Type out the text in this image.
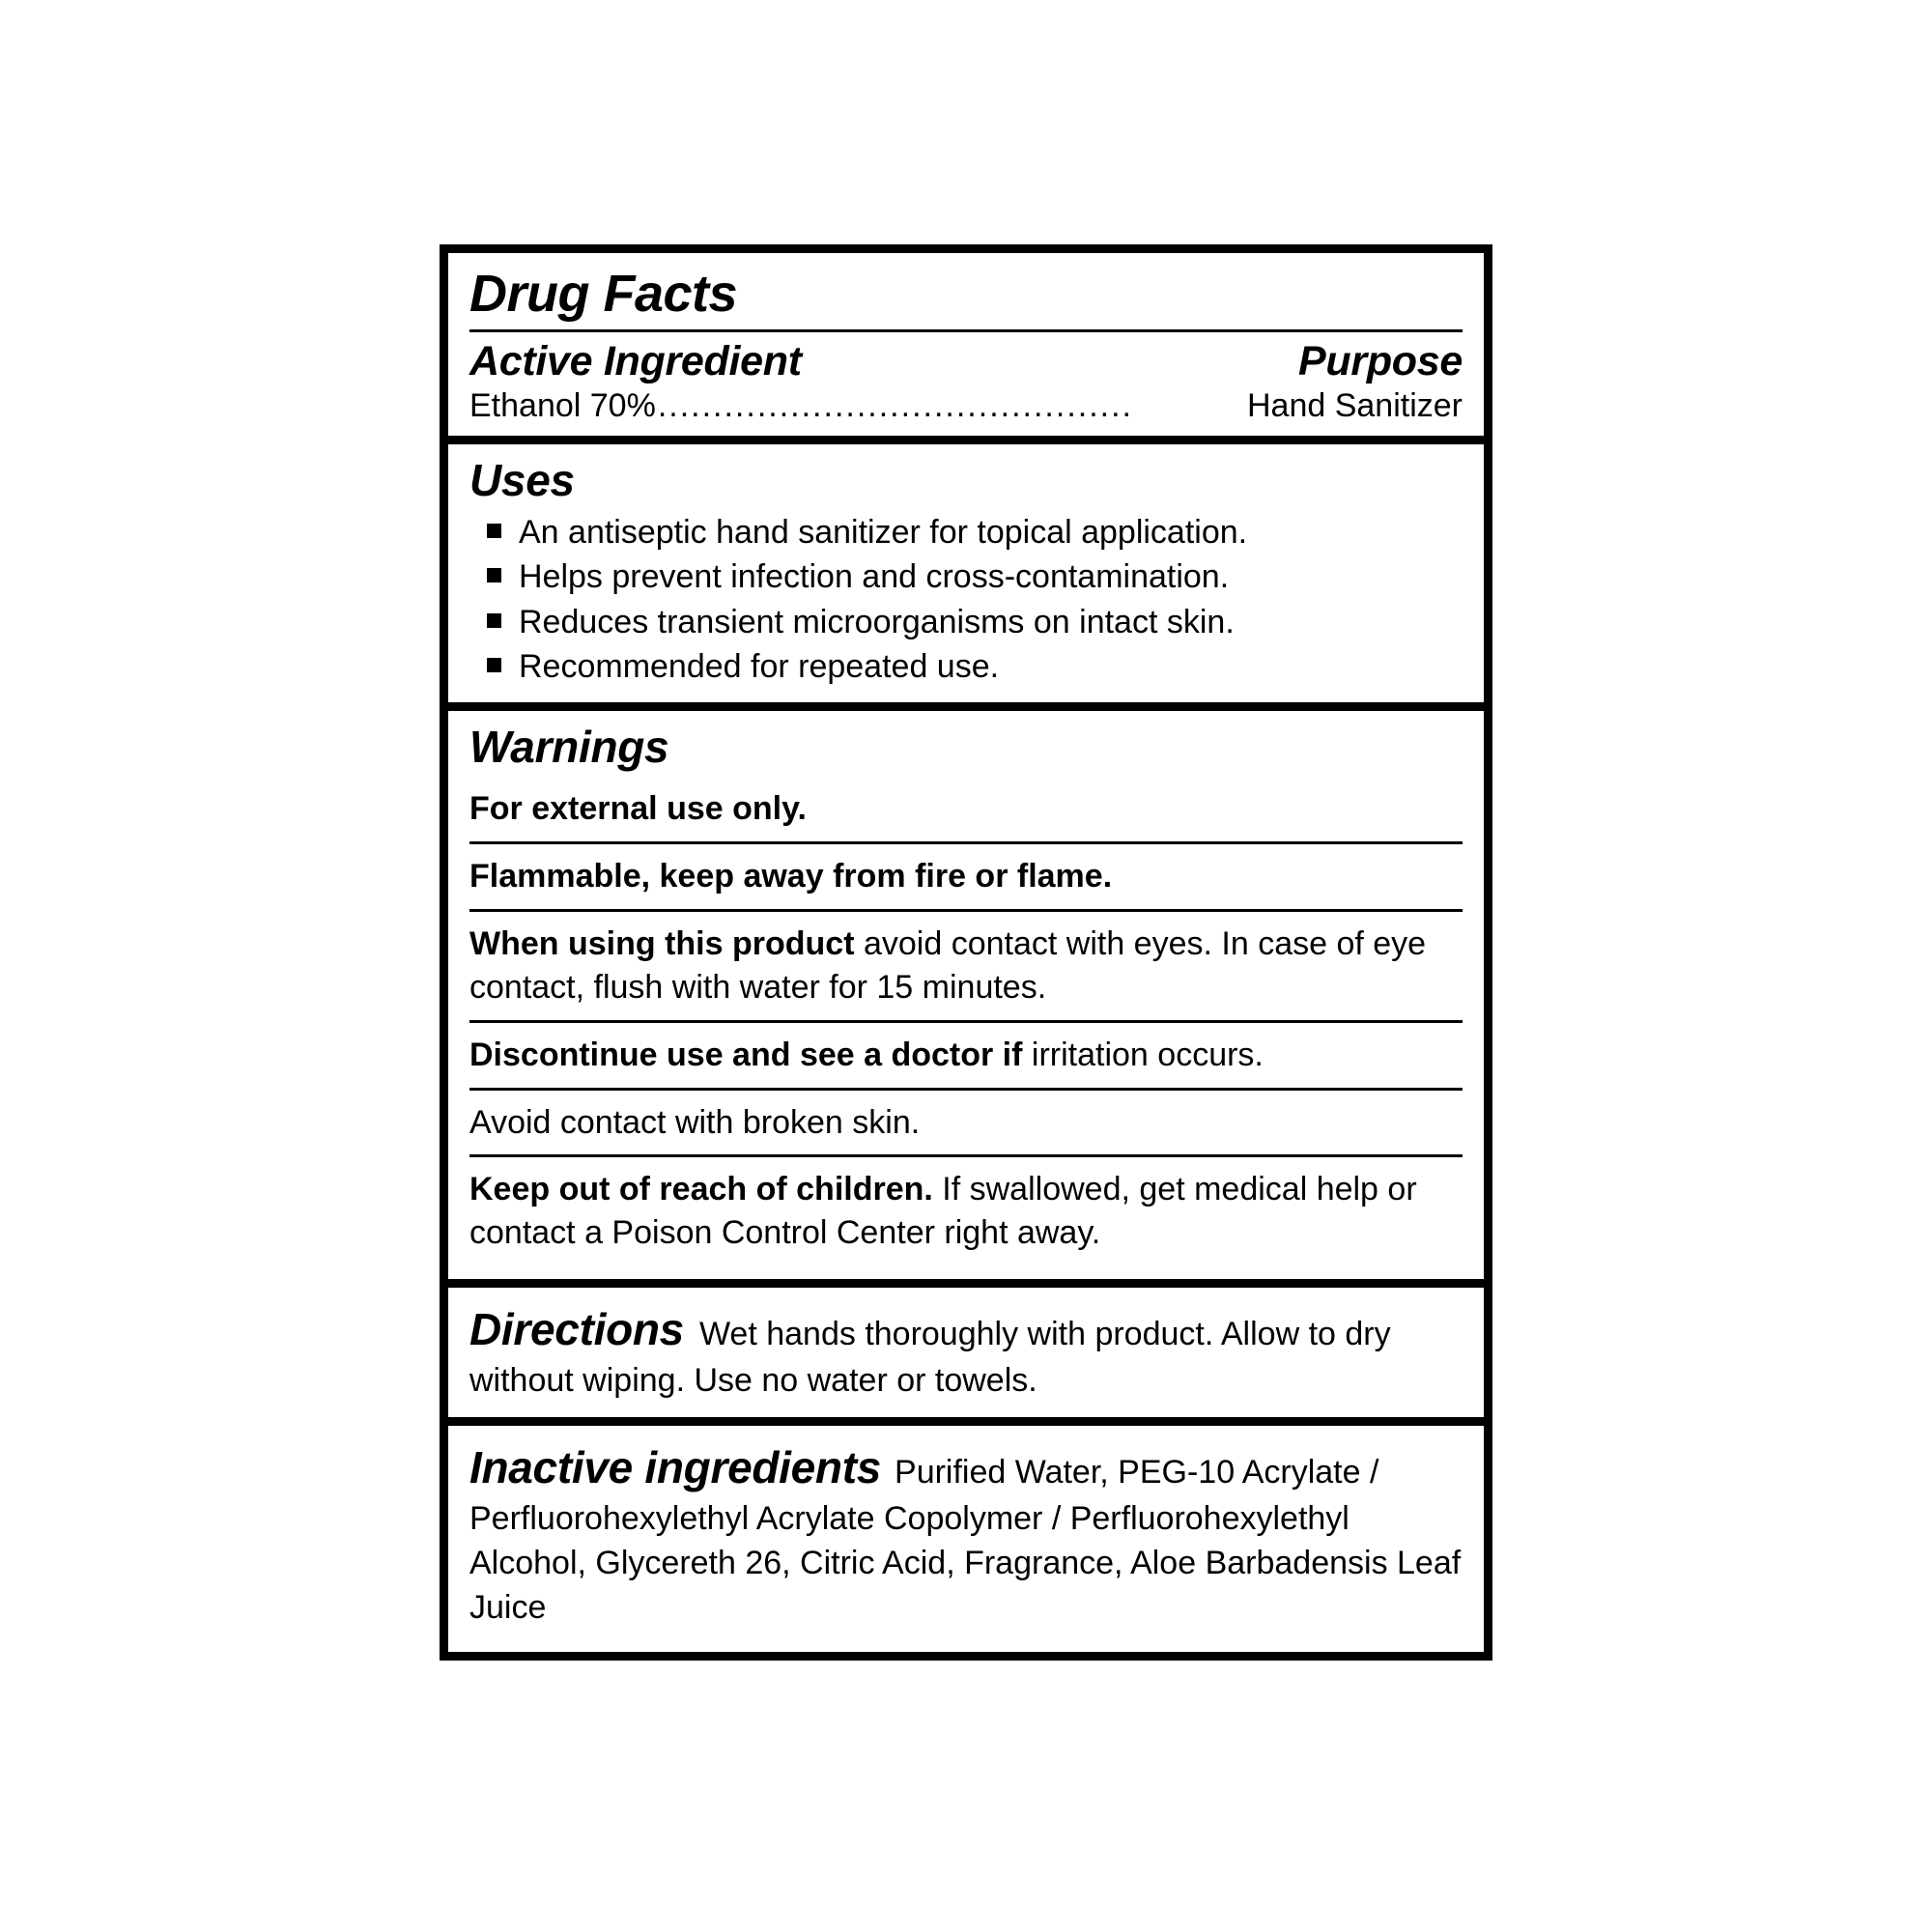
Drug Facts
Active Ingredient	Purpose
Ethanol 70% ...........................................	Hand Sanitizer
Uses
An antiseptic hand sanitizer for topical application.
Helps prevent infection and cross-contamination.
Reduces transient microorganisms on intact skin.
Recommended for repeated use.
Warnings
For external use only.
Flammable, keep away from fire or flame.
When using this product avoid contact with eyes. In case of eye contact, flush with water for 15 minutes.
Discontinue use and see a doctor if irritation occurs.
Avoid contact with broken skin.
Keep out of reach of children. If swallowed, get medical help or contact a Poison Control Center right away.
Directions Wet hands thoroughly with product. Allow to dry without wiping. Use no water or towels.
Inactive ingredients Purified Water, PEG-10 Acrylate / Perfluorohexylethyl Acrylate Copolymer / Perfluorohexylethyl Alcohol, Glycereth 26, Citric Acid, Fragrance, Aloe Barbadensis Leaf Juice
